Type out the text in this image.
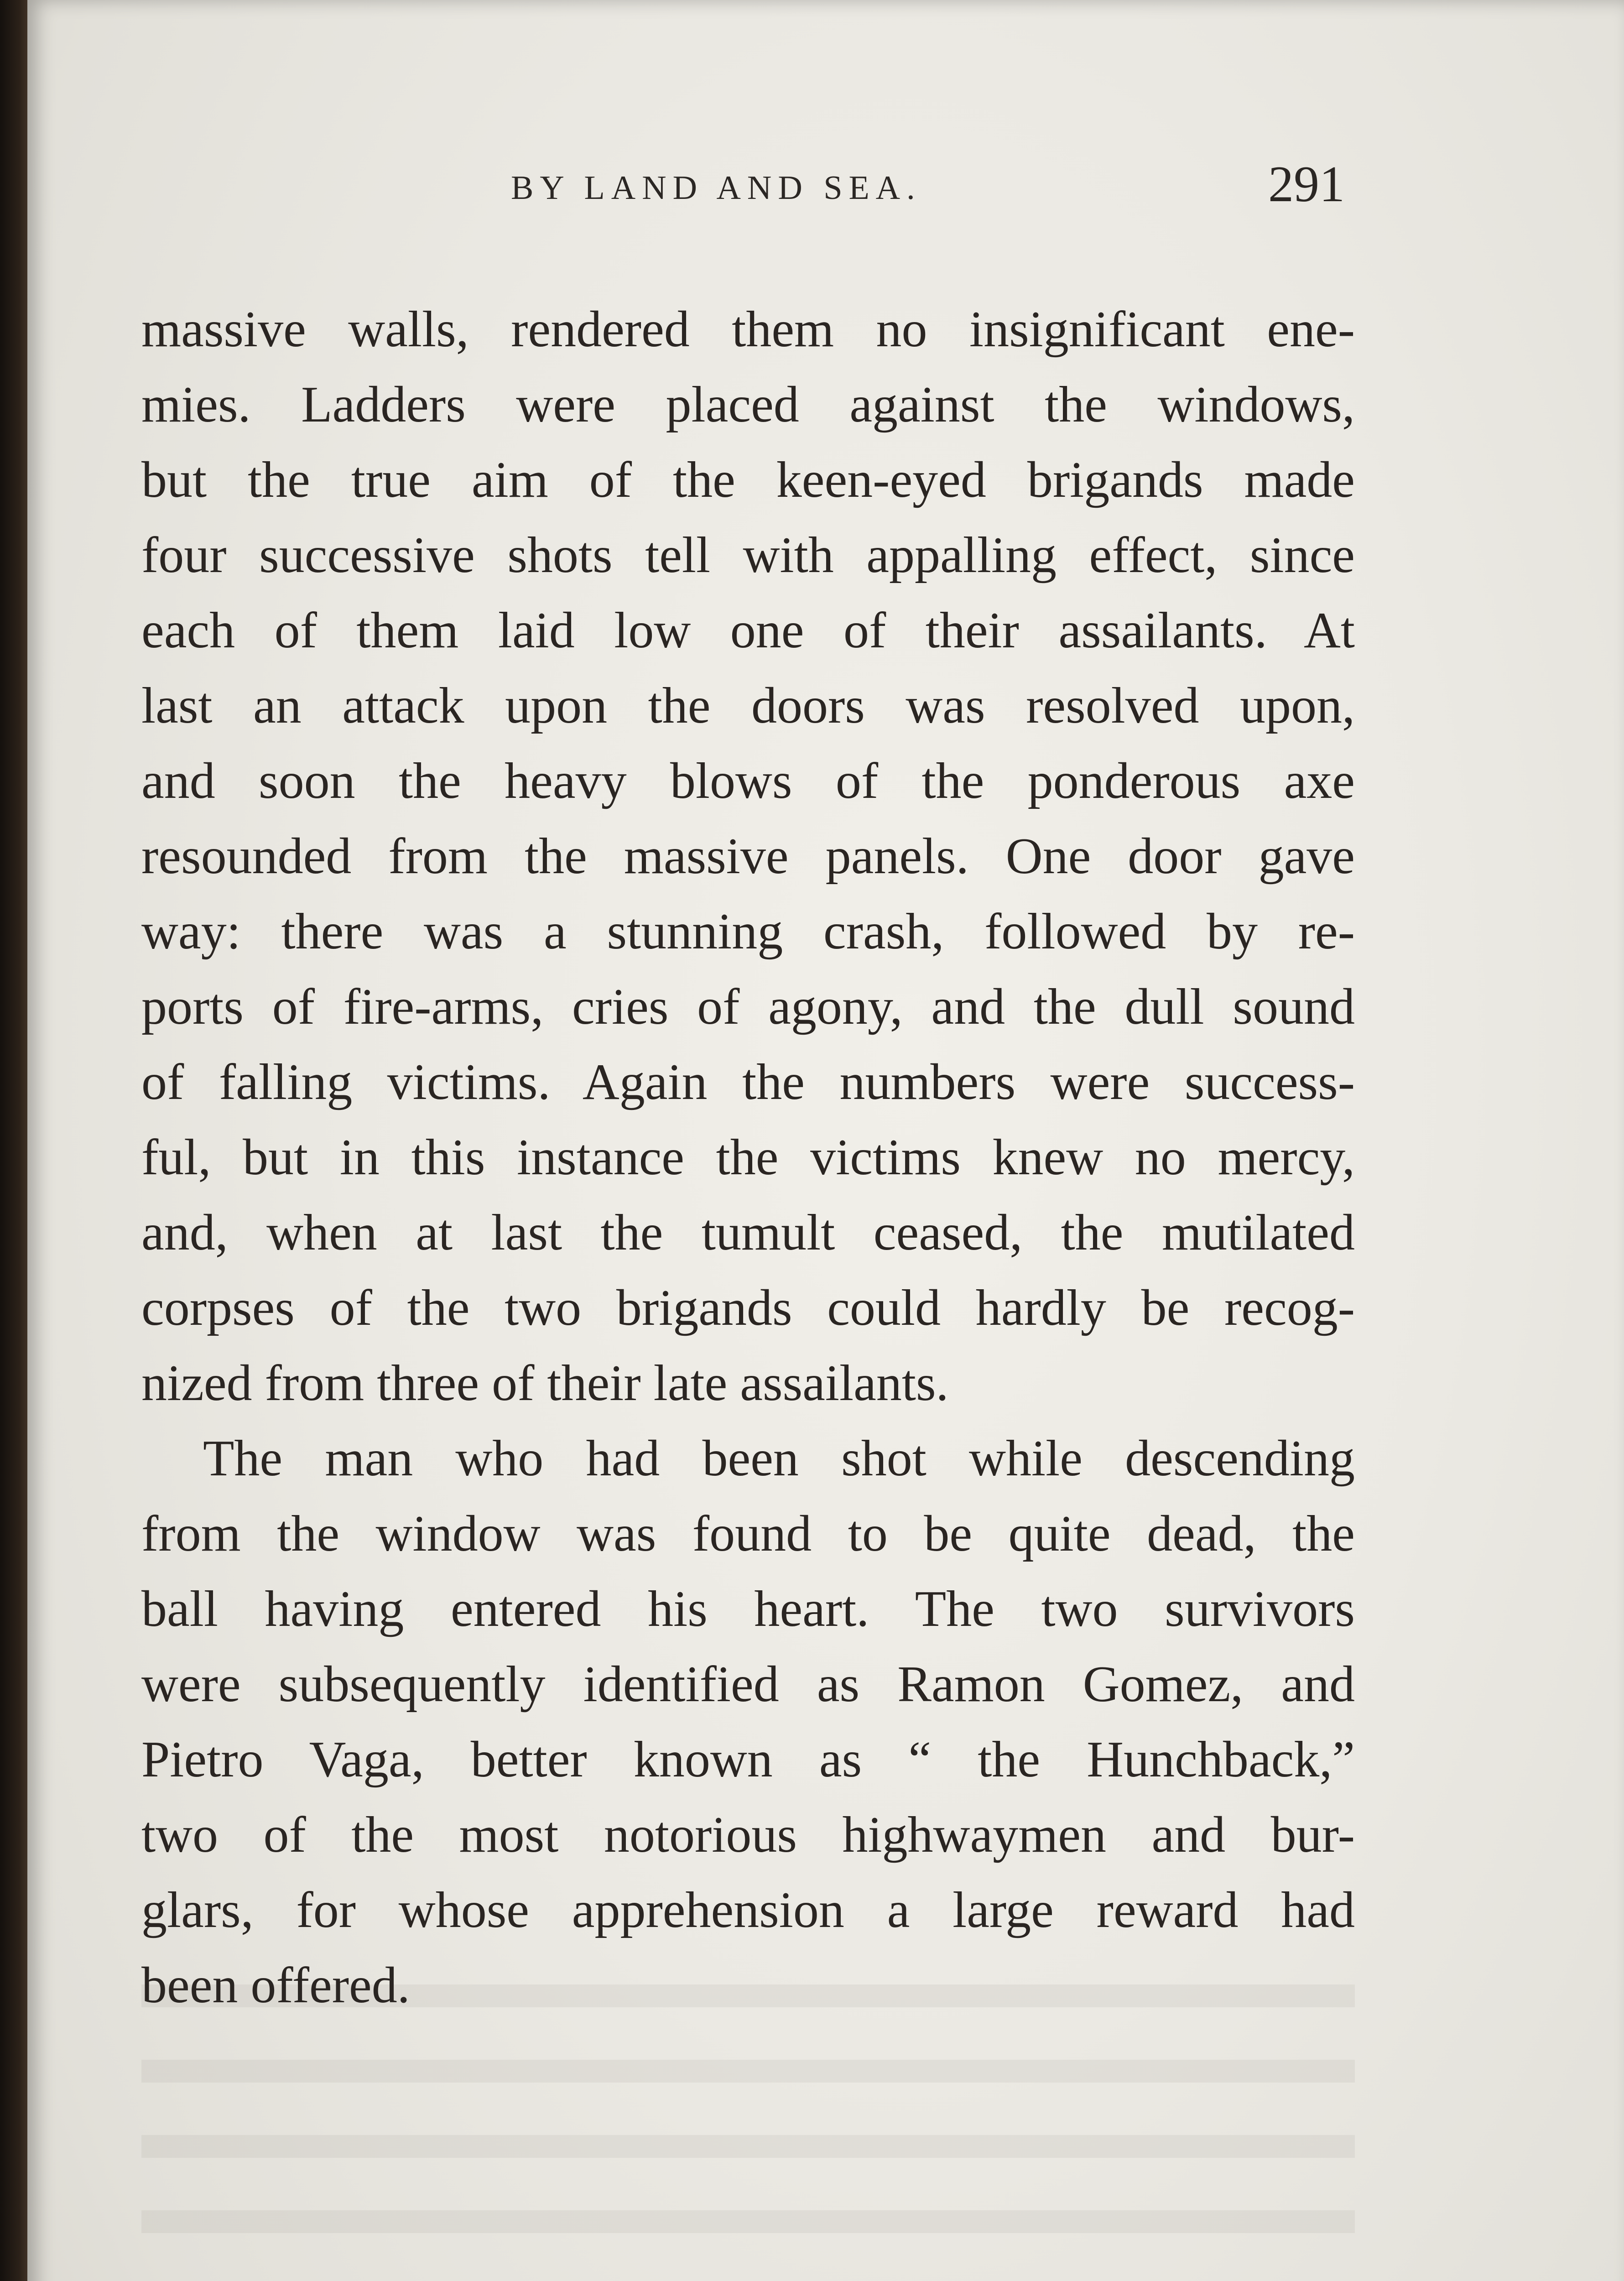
BY LAND AND SEA.	291
massive walls, rendered them no insignificant ene-
mies. Ladders were placed against the windows,
but the true aim of the keen-eyed brigands made
four successive shots tell with appalling effect, since
each of them laid low one of their assailants. At
last an attack upon the doors was resolved upon,
and soon the heavy blows of the ponderous axe
resounded from the massive panels. One door gave
way: there was a stunning crash, followed by re-
ports of fire-arms, cries of agony, and the dull sound
of falling victims. Again the numbers were success-
ful, but in this instance the victims knew no mercy,
and, when at last the tumult ceased, the mutilated
corpses of the two brigands could hardly be recog-
nized from three of their late assailants.
The man who had been shot while descending
from the window was found to be quite dead, the
ball having entered his heart. The two survivors
were subsequently identified as Ramon Gomez, and
Pietro Vaga, better known as “ the Hunchback,”
two of the most notorious highwaymen and bur-
glars, for whose apprehension a large reward had
been offered.
